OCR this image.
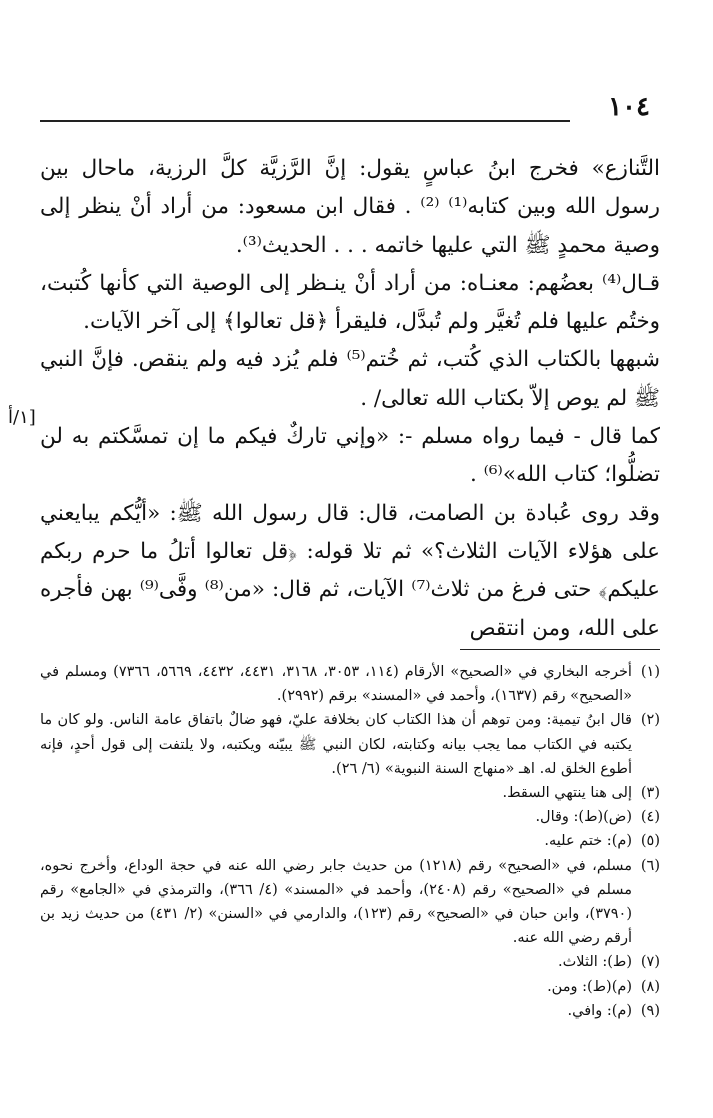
١٠٤
١/أ]

التَّنازع» فخرج ابنُ عباسٍ يقول: إنَّ الرَّزيَّة كلَّ الرزية، ماحال بين رسول الله وبين كتابه⁽¹⁾ ⁽²⁾ . فقال ابن مسعود: من أراد أنْ ينظر إلى وصية محمدٍ ﷺ التي عليها خاتمه . . . الحديث⁽³⁾.

قـال⁽⁴⁾ بعضُهم: معنـاه: من أراد أنْ ينـظر إلى الوصية التي كأنها كُتبت، وختُم عليها فلم تُغيَّر ولم تُبدَّل، فليقرأ ﴿قل تعالوا﴾ إلى آخر الآيات.

شبهها بالكتاب الذي كُتب، ثم خُتم⁽⁵⁾ فلم يُزد فيه ولم ينقص. فإنَّ النبي ﷺ لم يوص إلاّ بكتاب الله تعالى/ .

كما قال - فيما رواه مسلم -: «وإني تاركٌ فيكم ما إن تمسَّكتم به لن تضلُّوا؛ كتاب الله»⁽⁶⁾ .

وقد روى عُبادة بن الصامت، قال: قال رسول الله ﷺ: «أيُّكم يبايعني على هؤلاء الآيات الثلاث؟» ثم تلا قوله: ﴿قل تعالوا أتلُ ما حرم ربكم عليكم﴾ حتى فرغ من ثلاث⁽⁷⁾ الآيات، ثم قال: «من⁽⁸⁾ وفَّى⁽⁹⁾ بهن فأجره على الله، ومن انتقص

(١)
أخرجه البخاري في «الصحيح» الأرقام (١١٤، ٣٠٥٣، ٣١٦٨، ٤٤٣١، ٤٤٣٢، ٥٦٦٩، ٧٣٦٦) ومسلم في «الصحيح» رقم (١٦٣٧)، وأحمد في «المسند» برقم (٢٩٩٢).
(٢)
قال ابنُ تيمية: ومن توهم أن هذا الكتاب كان بخلافة عليّ، فهو ضالٌ باتفاق عامة الناس. ولو كان ما يكتبه في الكتاب مما يجب بيانه وكتابته، لكان النبي ﷺ يبيّنه ويكتبه، ولا يلتفت إلى قول أحدٍ، فإنه أطوع الخلق له. اهـ «منهاج السنة النبوية» (٦/ ٢٦).
(٣)
إلى هنا ينتهي السقط.
(٤)
(ض)(ط): وقال.
(٥)
(م): ختم عليه.
(٦)
مسلم، في «الصحيح» رقم (١٢١٨) من حديث جابر رضي الله عنه في حجة الوداع، وأخرج نحوه، مسلم في «الصحيح» رقم (٢٤٠٨)، وأحمد في «المسند» (٤/ ٣٦٦)، والترمذي في «الجامع» رقم (٣٧٩٠)، وابن حبان في «الصحيح» رقم (١٢٣)، والدارمي في «السنن» (٢/ ٤٣١) من حديث زيد بن أرقم رضي الله عنه.
(٧)
(ط): الثلاث.
(٨)
(م)(ط): ومن.
(٩)
(م): وافي.
